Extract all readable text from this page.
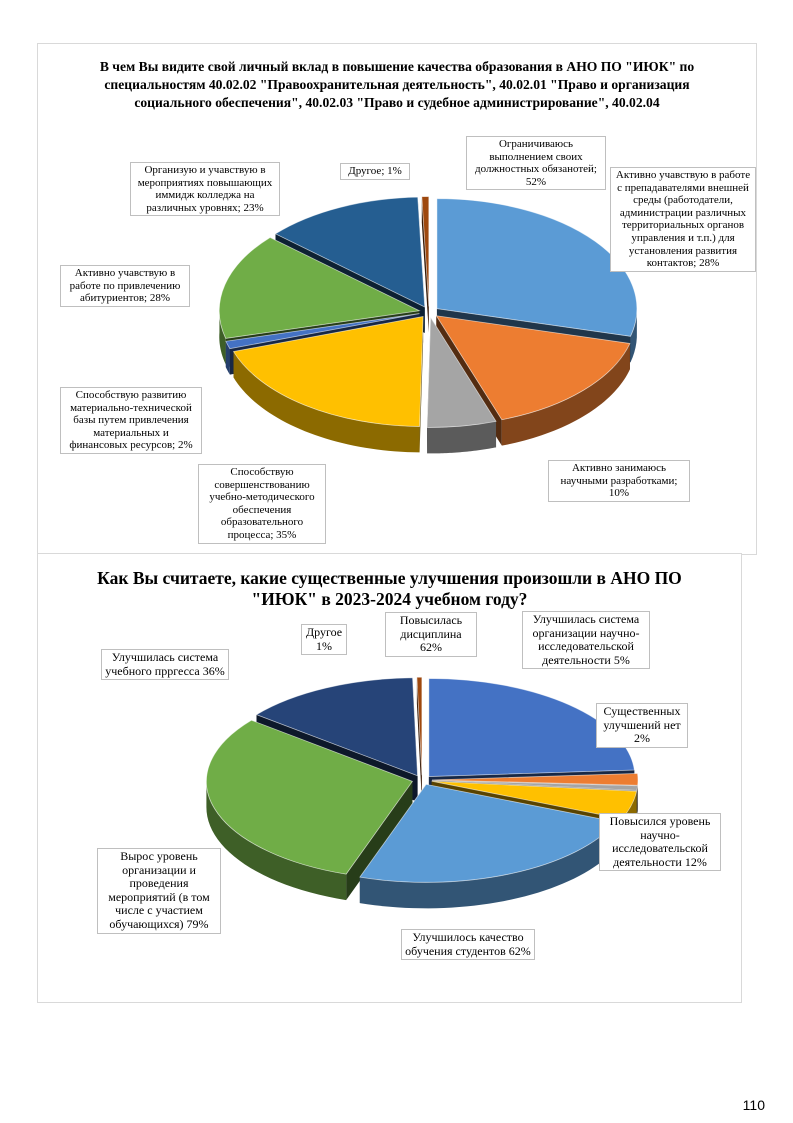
В чем Вы видите свой личный вклад в повышение качества образования в АНО ПО "ИЮК" по специальностям 40.02.02 "Правоохранительная деятельность", 40.02.01 "Право и организация социального обеспечения", 40.02.03 "Право и судебное администрирование", 40.02.04
Ограничиваюсь выполнением своих должностных обязанотей; 52%
Активно учавствую в работе с препадавателями внешней среды (работодатели, администрации различных территориальных органов управления и т.п.) для установления развития контактов; 28%
Активно занимаюсь научными разработками; 10%
Способствую совершенствованию учебно-методического обеспечения образовательного процесса; 35%
Способствую развитию материально-технической базы путем привлечения материальных и финансовых ресурсов; 2%
Активно учавствую в работе по привлечению абитуриентов; 28%
Организую и учавствую в мероприятиях повышающих иммидж колледжа на различных уровнях; 23%
Другое; 1%
Как Вы считаете, какие существенные улучшения произошли в АНО ПО "ИЮК" в 2023-2024 учебном году?
Повысилась дисциплина 62%
Улучшилась система организации научно-исследовательской деятельности 5%
Существенных улучшений нет 2%
Повысился уровень научно-исследовательской деятельности 12%
Улучшилось качество обучения студентов 62%
Вырос уровень организации и проведения мероприятий (в том числе с участием обучающихся) 79%
Улучшилась система учебного прргесса 36%
Другое 1%
110
